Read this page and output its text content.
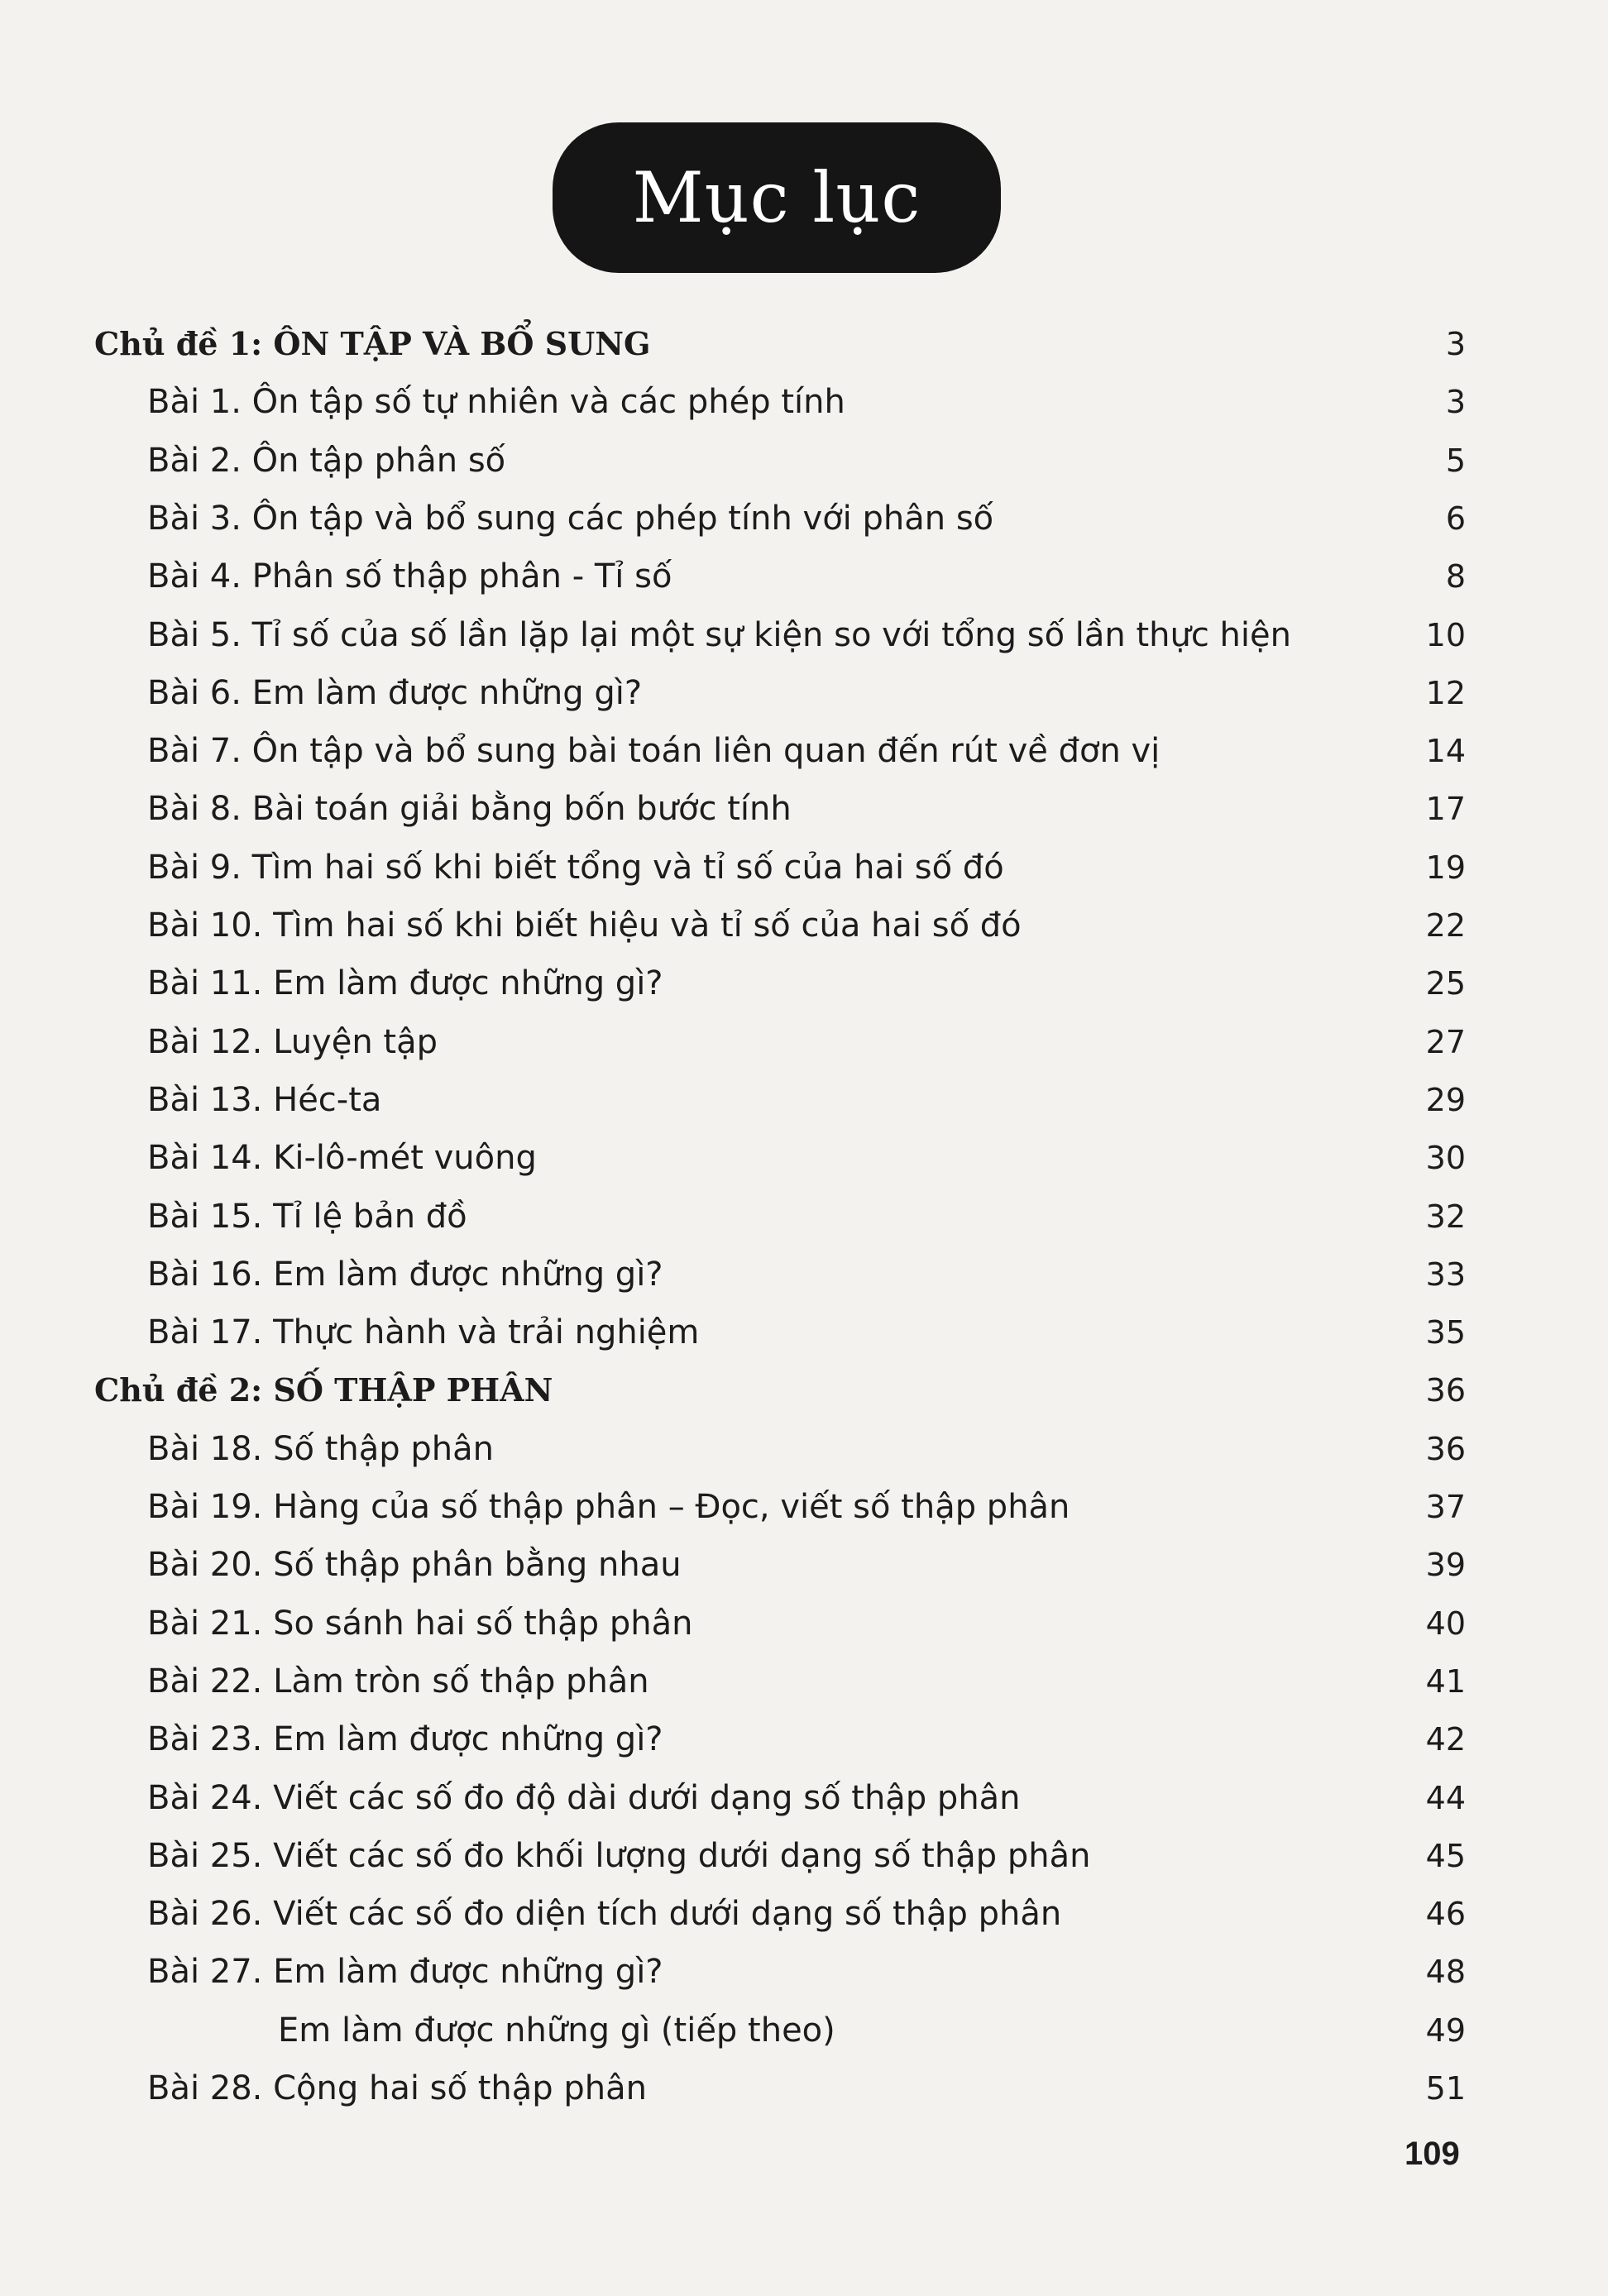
Mục lục
Chủ đề 1: ÔN TẬP VÀ BỔ SUNG	3
Bài 1. Ôn tập số tự nhiên và các phép tính	3
Bài 2. Ôn tập phân số	5
Bài 3. Ôn tập và bổ sung các phép tính với phân số	6
Bài 4. Phân số thập phân - Tỉ số	8
Bài 5. Tỉ số của số lần lặp lại một sự kiện so với tổng số lần thực hiện	10
Bài 6. Em làm được những gì?	12
Bài 7. Ôn tập và bổ sung bài toán liên quan đến rút về đơn vị	14
Bài 8. Bài toán giải bằng bốn bước tính	17
Bài 9. Tìm hai số khi biết tổng và tỉ số của hai số đó	19
Bài 10. Tìm hai số khi biết hiệu và tỉ số của hai số đó	22
Bài 11. Em làm được những gì?	25
Bài 12. Luyện tập	27
Bài 13. Héc-ta	29
Bài 14. Ki-lô-mét vuông	30
Bài 15. Tỉ lệ bản đồ	32
Bài 16. Em làm được những gì?	33
Bài 17. Thực hành và trải nghiệm	35
Chủ đề 2: SỐ THẬP PHÂN	36
Bài 18. Số thập phân	36
Bài 19. Hàng của số thập phân – Đọc, viết số thập phân	37
Bài 20. Số thập phân bằng nhau	39
Bài 21. So sánh hai số thập phân	40
Bài 22. Làm tròn số thập phân	41
Bài 23. Em làm được những gì?	42
Bài 24. Viết các số đo độ dài dưới dạng số thập phân	44
Bài 25. Viết các số đo khối lượng dưới dạng số thập phân	45
Bài 26. Viết các số đo diện tích dưới dạng số thập phân	46
Bài 27. Em làm được những gì?	48
Em làm được những gì (tiếp theo)	49
Bài 28. Cộng hai số thập phân	51
109
